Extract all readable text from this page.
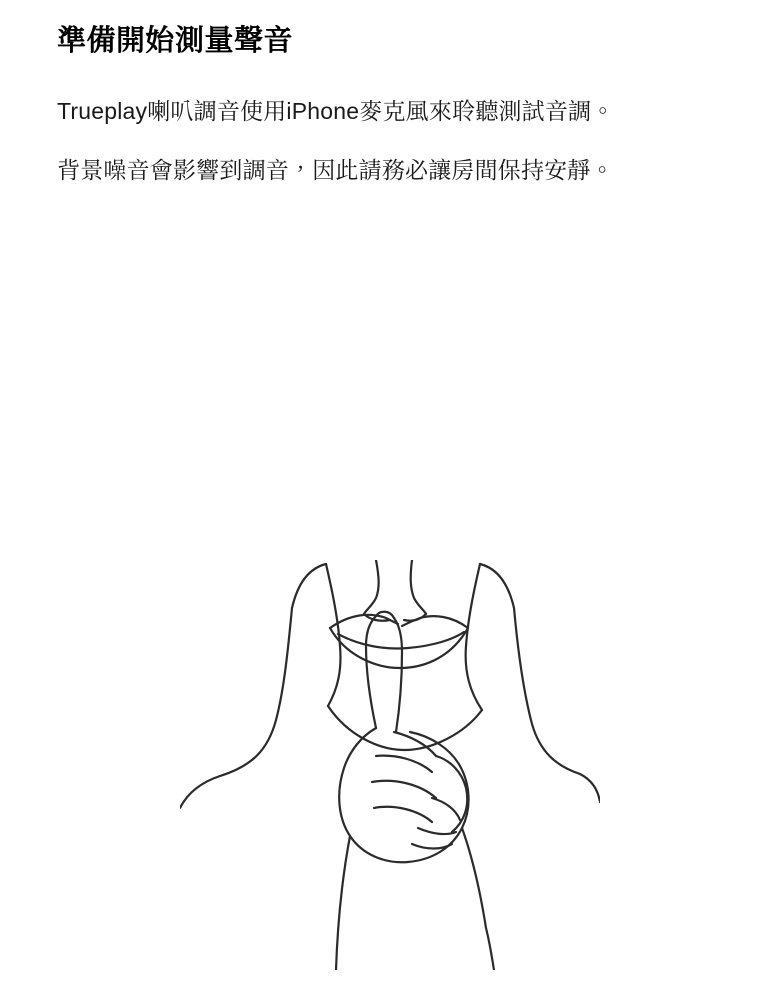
準備開始測量聲音

Trueplay喇叭調音使用iPhone麥克風來聆聽測試音調。

背景噪音會影響到調音，因此請務必讓房間保持安靜。
